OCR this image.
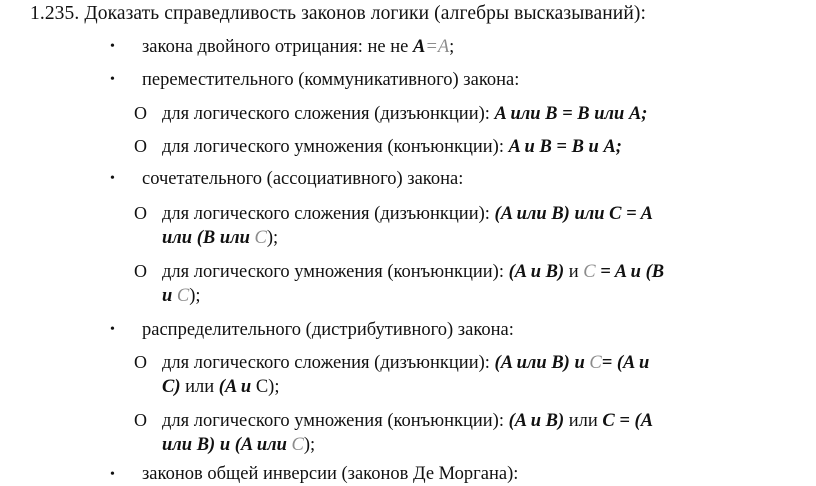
1.235. Доказать справедливость законов логики (алгебры высказываний):
• закона двойного отрицания: не не A=A;
• переместительного (коммуникативного) закона:
O для логического сложения (дизъюнкции): A или B = B или A;
O для логического умножения (конъюнкции): A и B = B и A;
• сочетательного (ассоциативного) закона:
O для логического сложения (дизъюнкции): (A или B) или C = A
или (B или C);
O для логического умножения (конъюнкции): (A и B) и C = A и (B
и C);
• распределительного (дистрибутивного) закона:
O для логического сложения (дизъюнкции): (A или B) и C= (A и
C) или (A и C);
O для логического умножения (конъюнкции): (A и B) или C = (A
или B) и (A или C);
• законов общей инверсии (законов Де Моргана):
